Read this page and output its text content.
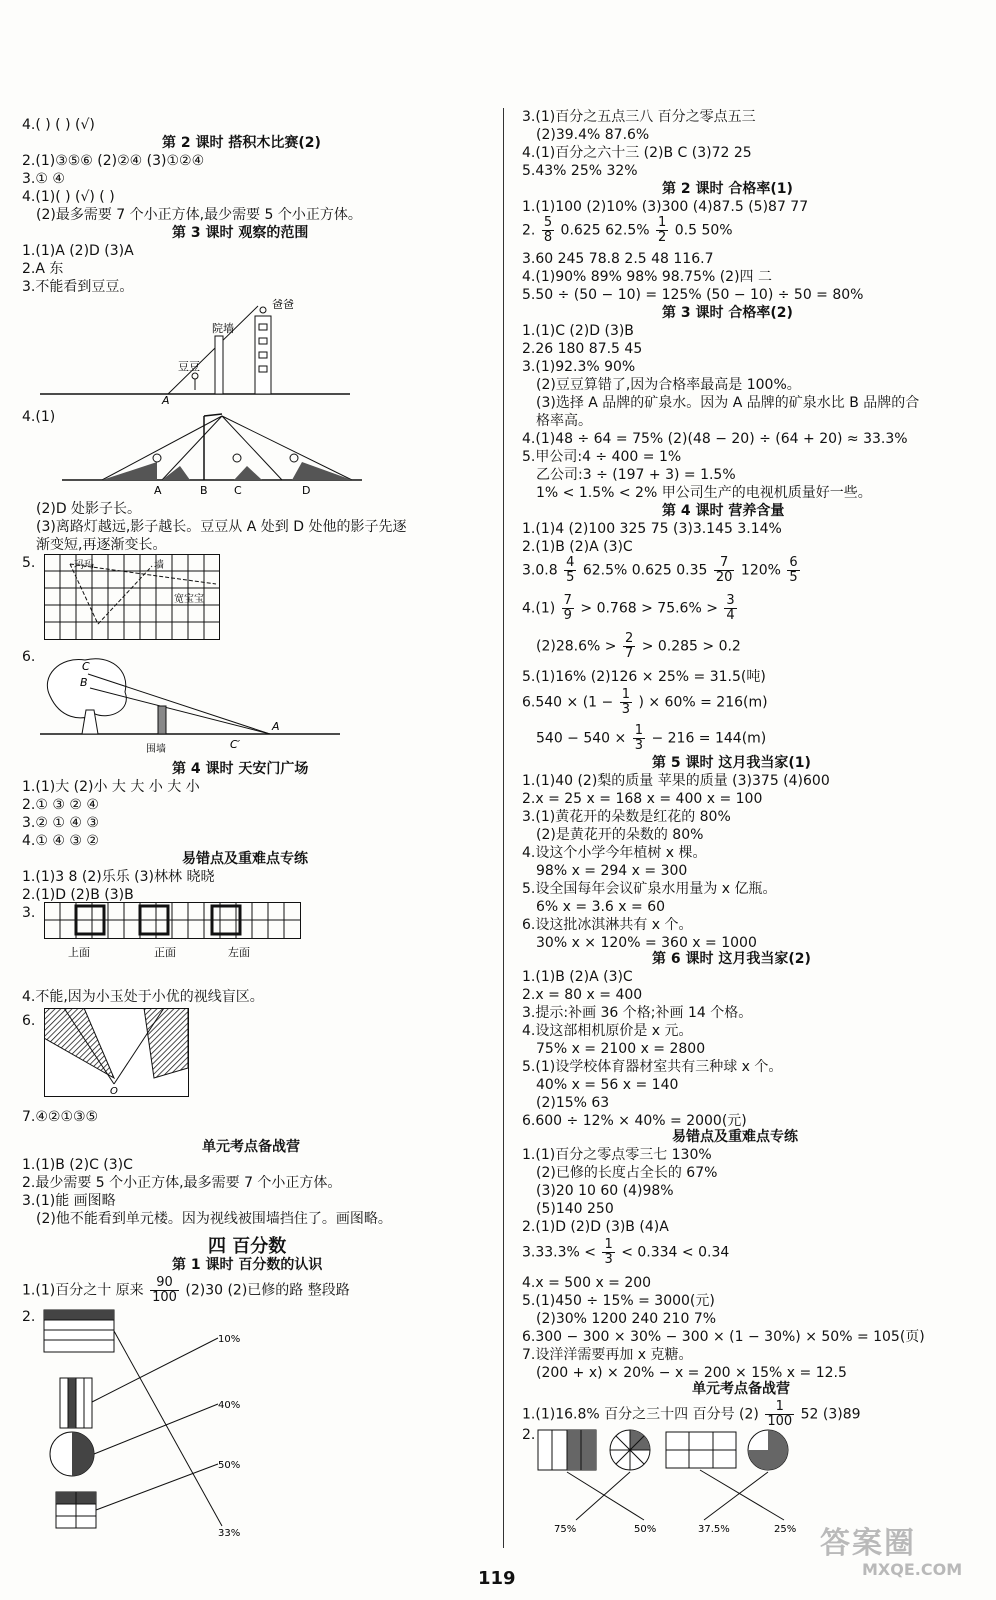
4.( ) ( ) (√)
第 2 课时 搭积木比赛(2)
2.(1)③⑤⑥ (2)②④ (3)①②④
3.① ④
4.(1)( ) (√) ( )
(2)最多需要 7 个小正方体,最少需要 5 个小正方体。
第 3 课时 观察的范围
1.(1)A (2)D (3)A
2.A 东
3.不能看到豆豆。
爸爸
院墙
豆豆
A
4.(1)
A	B C	D
(2)D 处影子长。
(3)离路灯越远,影子越长。豆豆从 A 处到 D 处他的影子先逐
渐变短,再逐渐变长。
5.	玛玛	墙
宽宝宝
6.
C
B
A
C′
围墙
第 4 课时 天安门广场
1.(1)大 (2)小 大 大 小 大 小
2.① ③ ② ④
3.② ① ④ ③
4.① ④ ③ ②
易错点及重难点专练
1.(1)3 8 (2)乐乐 (3)林林 晓晓
2.(1)D (2)B (3)B
3.
上面	正面	左面
4.不能,因为小玉处于小优的视线盲区。
6.
O
7.④②①③⑤
单元考点备战营
1.(1)B (2)C (3)C
2.最少需要 5 个小正方体,最多需要 7 个小正方体。
3.(1)能 画图略
(2)他不能看到单元楼。因为视线被围墙挡住了。画图略。
四 百分数
第 1 课时 百分数的认识
1.(1)百分之十 原来 $\frac{90}{100} (2)30$ (2)已修的路 整段路
2.
10%
40%
50%
33%
3.(1)百分之五点三八 百分之零点五三
(2)39.4% 87.6%
4.(1)百分之六十三 (2)B C (3)72 25
5.43% 25% 32%
第 2 课时 合格率(1)
1.(1)100 (2)10% (3)300 (4)87.5 (5)87 77
2. $\frac{5}{8} 0.625$ $62.5\% \frac{1}{2} 0.5$ 50%
3.60 245 78.8 2.5 48 116.7
4.(1)90% 89% 98% 98.75% (2)四 二
5.50 ÷ (50 − 10) = 125% (50 − 10) ÷ 50 = 80%
第 3 课时 合格率(2)
1.(1)C (2)D (3)B
2.26 180 87.5 45
3.(1)92.3% 90%
(2)豆豆算错了,因为合格率最高是 100%。
(3)选择 A 品牌的矿泉水。因为 A 品牌的矿泉水比 B 品牌的合
格率高。
4.(1)48 ÷ 64 = 75% (2)(48 − 20) ÷ (64 + 20) ≈ 33.3%
5.甲公司:4 ÷ 400 = 1%
乙公司:3 ÷ (197 + 3) = 1.5%
1% < 1.5% < 2% 甲公司生产的电视机质量好一些。
第 4 课时 营养含量
1.(1)4 (2)100 325 75 (3)3.145 3.14%
2.(1)B (2)A (3)C
$3.0.8 \frac{4}{5} 62.5\%$ 0.625 $0.35 \frac{7}{20} 120\% \frac{6}{5}$
$4.(1) \frac{7}{9} > 0.768 > 75.6\% > \frac{3}{4}$
$(2)28.6\% > \frac{2}{7} > 0.285 > 0.2$
5.(1)16% (2)126 × 25% = 31.5(吨)
$6.540 \times (1 - \frac{1}{3}$ ) × 60% = 216(m)
$540 - 540 \times \frac{1}{3} - 216 = 144(m)$
第 5 课时 这月我当家(1)
1.(1)40 (2)梨的质量 苹果的质量 (3)375 (4)600
2.x = 25 x = 168 x = 400 x = 100
3.(1)黄花开的朵数是红花的 80%
(2)是黄花开的朵数的 80%
4.设这个小学今年植树 x 棵。
98% x = 294 x = 300
5.设全国每年会议矿泉水用量为 x 亿瓶。
6% x = 3.6 x = 60
6.设这批冰淇淋共有 x 个。
30% x × 120% = 360 x = 1000
第 6 课时 这月我当家(2)
1.(1)B (2)A (3)C
2.x = 80 x = 400
3.提示:补画 36 个格;补画 14 个格。
4.设这部相机原价是 x 元。
75% x = 2100 x = 2800
5.(1)设学校体育器材室共有三种球 x 个。
40% x = 56 x = 140
(2)15% 63
6.600 ÷ 12% × 40% = 2000(元)
易错点及重难点专练
1.(1)百分之零点零三七 130%
(2)已修的长度占全长的 67%
(3)20 10 60 (4)98%
(5)140 250
2.(1)D (2)D (3)B (4)A
$3.33.3\% < \frac{1}{3} < 0.334 < 0.34$
4.x = 500 x = 200
5.(1)450 ÷ 15% = 3000(元)
(2)30% 1200 240 210 7%
6.300 − 300 × 30% − 300 × (1 − 30%) × 50% = 105(页)
7.设洋洋需要再加 x 克糖。
(200 + x) × 20% − x = 200 × 15% x = 12.5
单元考点备战营
1.(1)16.8% 百分之三十四 百分号 $(2) \frac{1}{100} 52$ (3)89
2.
75%	50%	37.5%	25%
119
答案圈
MXQE.COM
